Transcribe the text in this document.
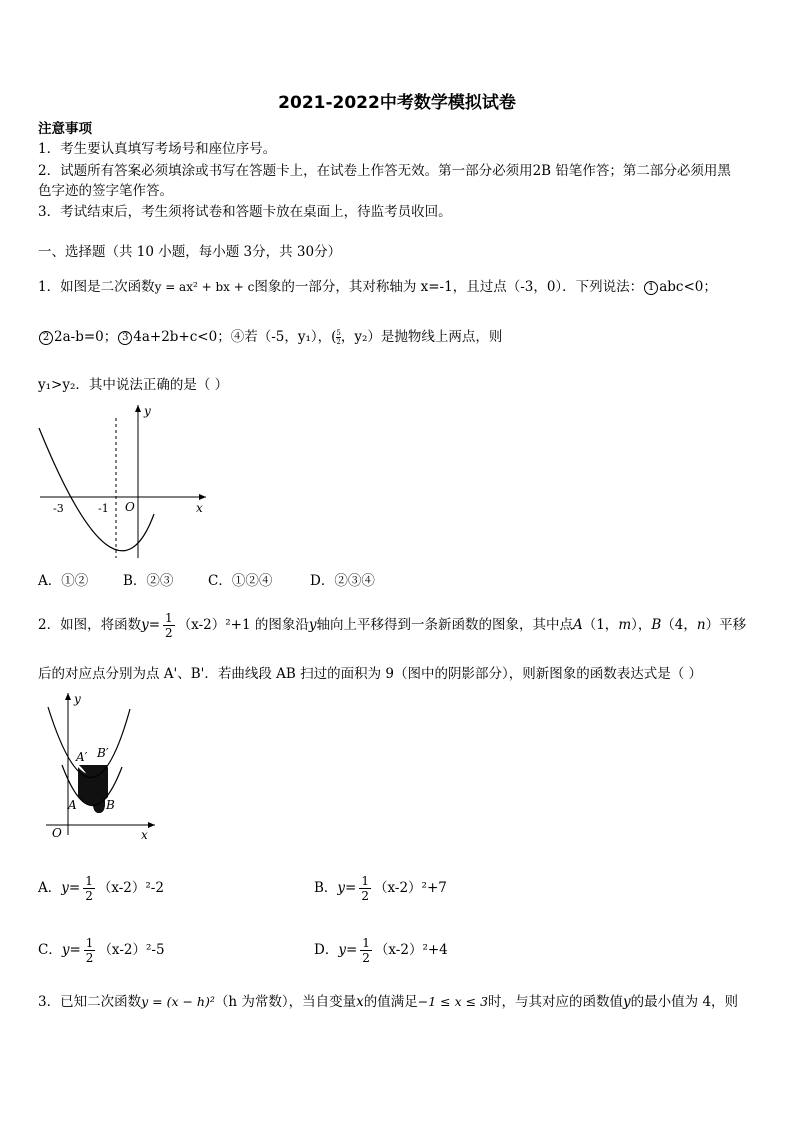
2021-2022中考数学模拟试卷
注意事项
1．考生要认真填写考场号和座位序号。
2．试题所有答案必须填涂或书写在答题卡上，在试卷上作答无效。第一部分必须用2B 铅笔作答；第二部分必须用黑
色字迹的签字笔作答。
3．考试结束后，考生须将试卷和答题卡放在桌面上，待监考员收回。
一、选择题（共 10 小题，每小题 3分，共 30分）
1．如图是二次函数y = ax² + bx + c图象的一部分，其对称轴为 x=-1，且过点（-3，0）．下列说法： 1 abc<0；
2 2a-b=0； 3 4a+2b+c<0；④若（-5，y₁），( $\frac{5}{2}$，y₂）是抛物线上两点，则
y₁>y₂．其中说法正确的是（ ）
y
x
O
-3	-1
A．①②	B．②③	C．①②④	D．②③④
2．如图，将函数$y= \frac{1}{2} (x-2)^2+1$ 的图象沿y轴向上平移得到一条新函数的图象，其中点A（1，m），B（4，n）平移
后的对应点分别为点 A'、B'．若曲线段 AB 扫过的面积为 9（图中的阴影部分），则新图象的函数表达式是（ ）
A′ B′
A B
O
y
x
A．$y= \frac{1}{2} (x-2)^2-2$	B．$y= \frac{1}{2} (x-2)^2+7$
C．$y= \frac{1}{2} (x-2)^2-5$	D．$y= \frac{1}{2} (x-2)^2+4$
3．已知二次函数y = (x − h)²（h 为常数），当自变量x的值满足−1 ≤ x ≤ 3时，与其对应的函数值y的最小值为 4，则
